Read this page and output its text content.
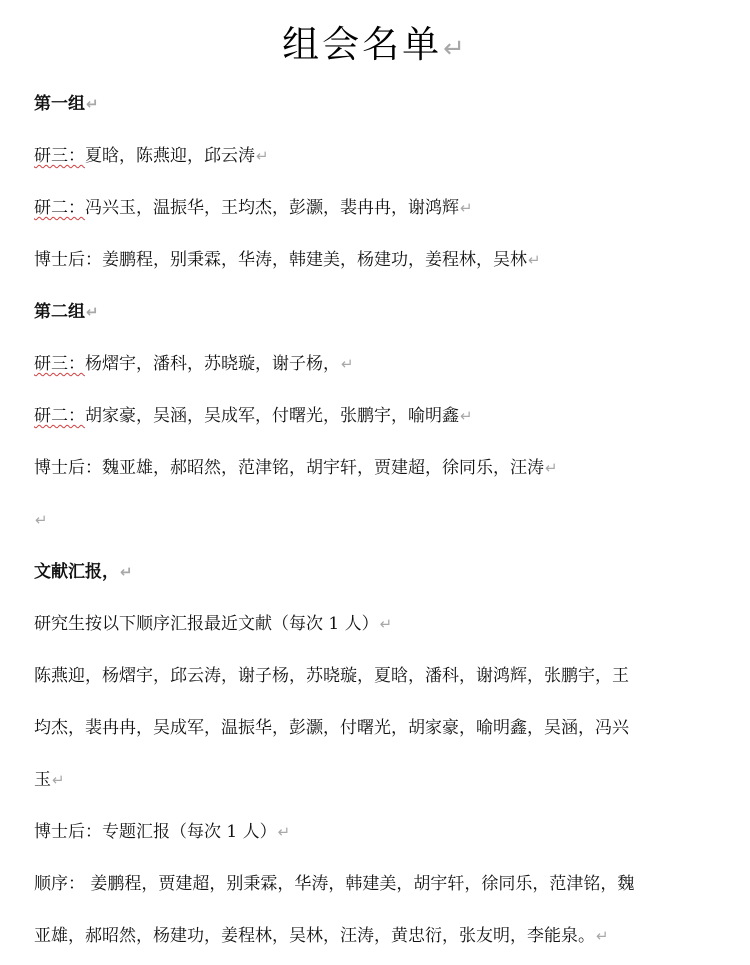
组会名单↵
第一组↵
研三：夏晗，陈燕迎，邱云涛↵
研二：冯兴玉，温振华，王均杰，彭灏，裴冉冉，谢鸿辉↵
博士后：姜鹏程，别秉霖，华涛，韩建美，杨建功，姜程林，吴林↵
第二组↵
研三：杨熠宇，潘科，苏晓璇，谢子杨，↵
研二：胡家豪，吴涵，吴成军，付曙光，张鹏宇，喻明鑫↵
博士后：魏亚雄，郝昭然，范津铭，胡宇轩，贾建超，徐同乐，汪涛↵
↵
文献汇报，↵
研究生按以下顺序汇报最近文献（每次 1 人）↵
陈燕迎，杨熠宇，邱云涛，谢子杨，苏晓璇，夏晗，潘科，谢鸿辉，张鹏宇，王
均杰，裴冉冉，吴成军，温振华，彭灏，付曙光，胡家豪，喻明鑫，吴涵，冯兴
玉↵
博士后：专题汇报（每次 1 人）↵
顺序： 姜鹏程，贾建超，别秉霖，华涛，韩建美，胡宇轩，徐同乐，范津铭，魏
亚雄，郝昭然，杨建功，姜程林，吴林，汪涛，黄忠衍，张友明，李能泉。↵
